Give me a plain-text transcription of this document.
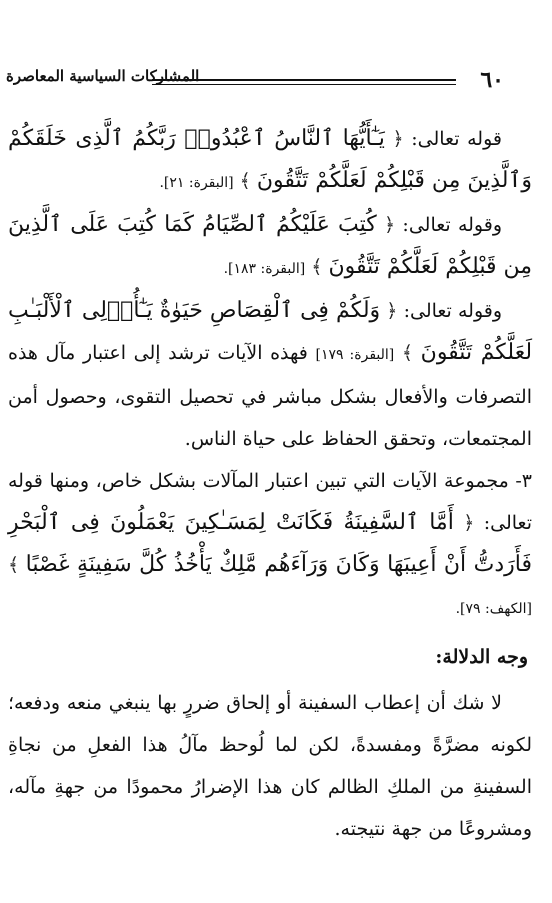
٦٠
المشاركات السياسية المعاصرة

قوله تعالى: ﴿ يَـٰٓأَيُّهَا ٱلنَّاسُ ٱعْبُدُوا۟ رَبَّكُمُ ٱلَّذِى خَلَقَكُمْ وَٱلَّذِينَ مِن قَبْلِكُمْ لَعَلَّكُمْ تَتَّقُونَ ﴾ [البقرة: ٢١].

وقوله تعالى: ﴿ كُتِبَ عَلَيْكُمُ ٱلصِّيَامُ كَمَا كُتِبَ عَلَى ٱلَّذِينَ مِن قَبْلِكُمْ لَعَلَّكُمْ تَتَّقُونَ ﴾ [البقرة: ١٨٣].

وقوله تعالى: ﴿ وَلَكُمْ فِى ٱلْقِصَاصِ حَيَوٰةٌ يَـٰٓأُو۟لِى ٱلْأَلْبَـٰبِ لَعَلَّكُمْ تَتَّقُونَ ﴾ [البقرة: ١٧٩] فهذه الآيات ترشد إلى اعتبار مآل هذه التصرفات والأفعال بشكل مباشر في تحصيل التقوى، وحصول أمن المجتمعات، وتحقق الحفاظ على حياة الناس.

٣- مجموعة الآيات التي تبين اعتبار المآلات بشكل خاص، ومنها قوله تعالى: ﴿ أَمَّا ٱلسَّفِينَةُ فَكَانَتْ لِمَسَـٰكِينَ يَعْمَلُونَ فِى ٱلْبَحْرِ فَأَرَدتُّ أَنْ أَعِيبَهَا وَكَانَ وَرَآءَهُم مَّلِكٌ يَأْخُذُ كُلَّ سَفِينَةٍ غَصْبًا ﴾ [الكهف: ٧٩].

وجه الدلالة:

لا شك أن إعطاب السفينة أو إلحاق ضررٍ بها ينبغي منعه ودفعه؛ لكونه مضرَّةً ومفسدةً، لكن لما لُوحظ مآلُ هذا الفعلِ من نجاةِ السفينةِ من الملكِ الظالم كان هذا الإضرارُ محمودًا من جهةِ مآله، ومشروعًا من جهة نتيجته.
